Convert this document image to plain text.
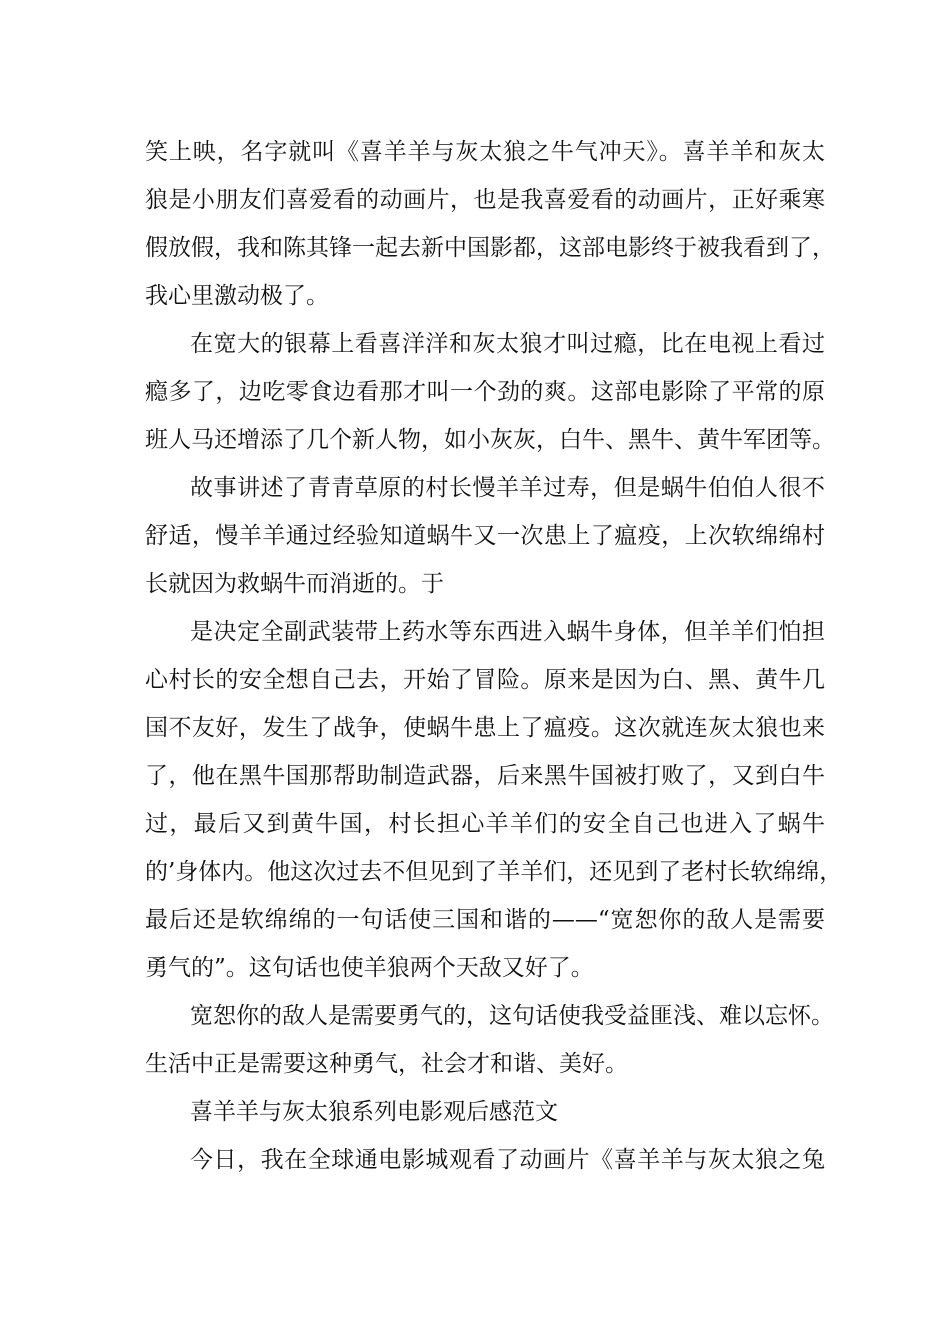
笑上映，名字就叫《喜羊羊与灰太狼之牛气冲天》。喜羊羊和灰太
狼是小朋友们喜爱看的动画片，也是我喜爱看的动画片，正好乘寒
假放假，我和陈其锋一起去新中国影都，这部电影终于被我看到了，
我心里激动极了。
在宽大的银幕上看喜洋洋和灰太狼才叫过瘾，比在电视上看过
瘾多了，边吃零食边看那才叫一个劲的爽。这部电影除了平常的原
班人马还增添了几个新人物，如小灰灰，白牛、黑牛、黄牛军团等。
故事讲述了青青草原的村长慢羊羊过寿，但是蜗牛伯伯人很不
舒适，慢羊羊通过经验知道蜗牛又一次患上了瘟疫，上次软绵绵村
长就因为救蜗牛而消逝的。于
是决定全副武装带上药水等东西进入蜗牛身体，但羊羊们怕担
心村长的安全想自己去，开始了冒险。原来是因为白、黑、黄牛几
国不友好，发生了战争，使蜗牛患上了瘟疫。这次就连灰太狼也来
了，他在黑牛国那帮助制造武器，后来黑牛国被打败了，又到白牛
过，最后又到黄牛国，村长担心羊羊们的安全自己也进入了蜗牛
的’身体内。他这次过去不但见到了羊羊们，还见到了老村长软绵绵，
最后还是软绵绵的一句话使三国和谐的——“宽恕你的敌人是需要
勇气的”。这句话也使羊狼两个天敌又好了。
宽恕你的敌人是需要勇气的，这句话使我受益匪浅、难以忘怀。
生活中正是需要这种勇气，社会才和谐、美好。
喜羊羊与灰太狼系列电影观后感范文
今日，我在全球通电影城观看了动画片《喜羊羊与灰太狼之兔
